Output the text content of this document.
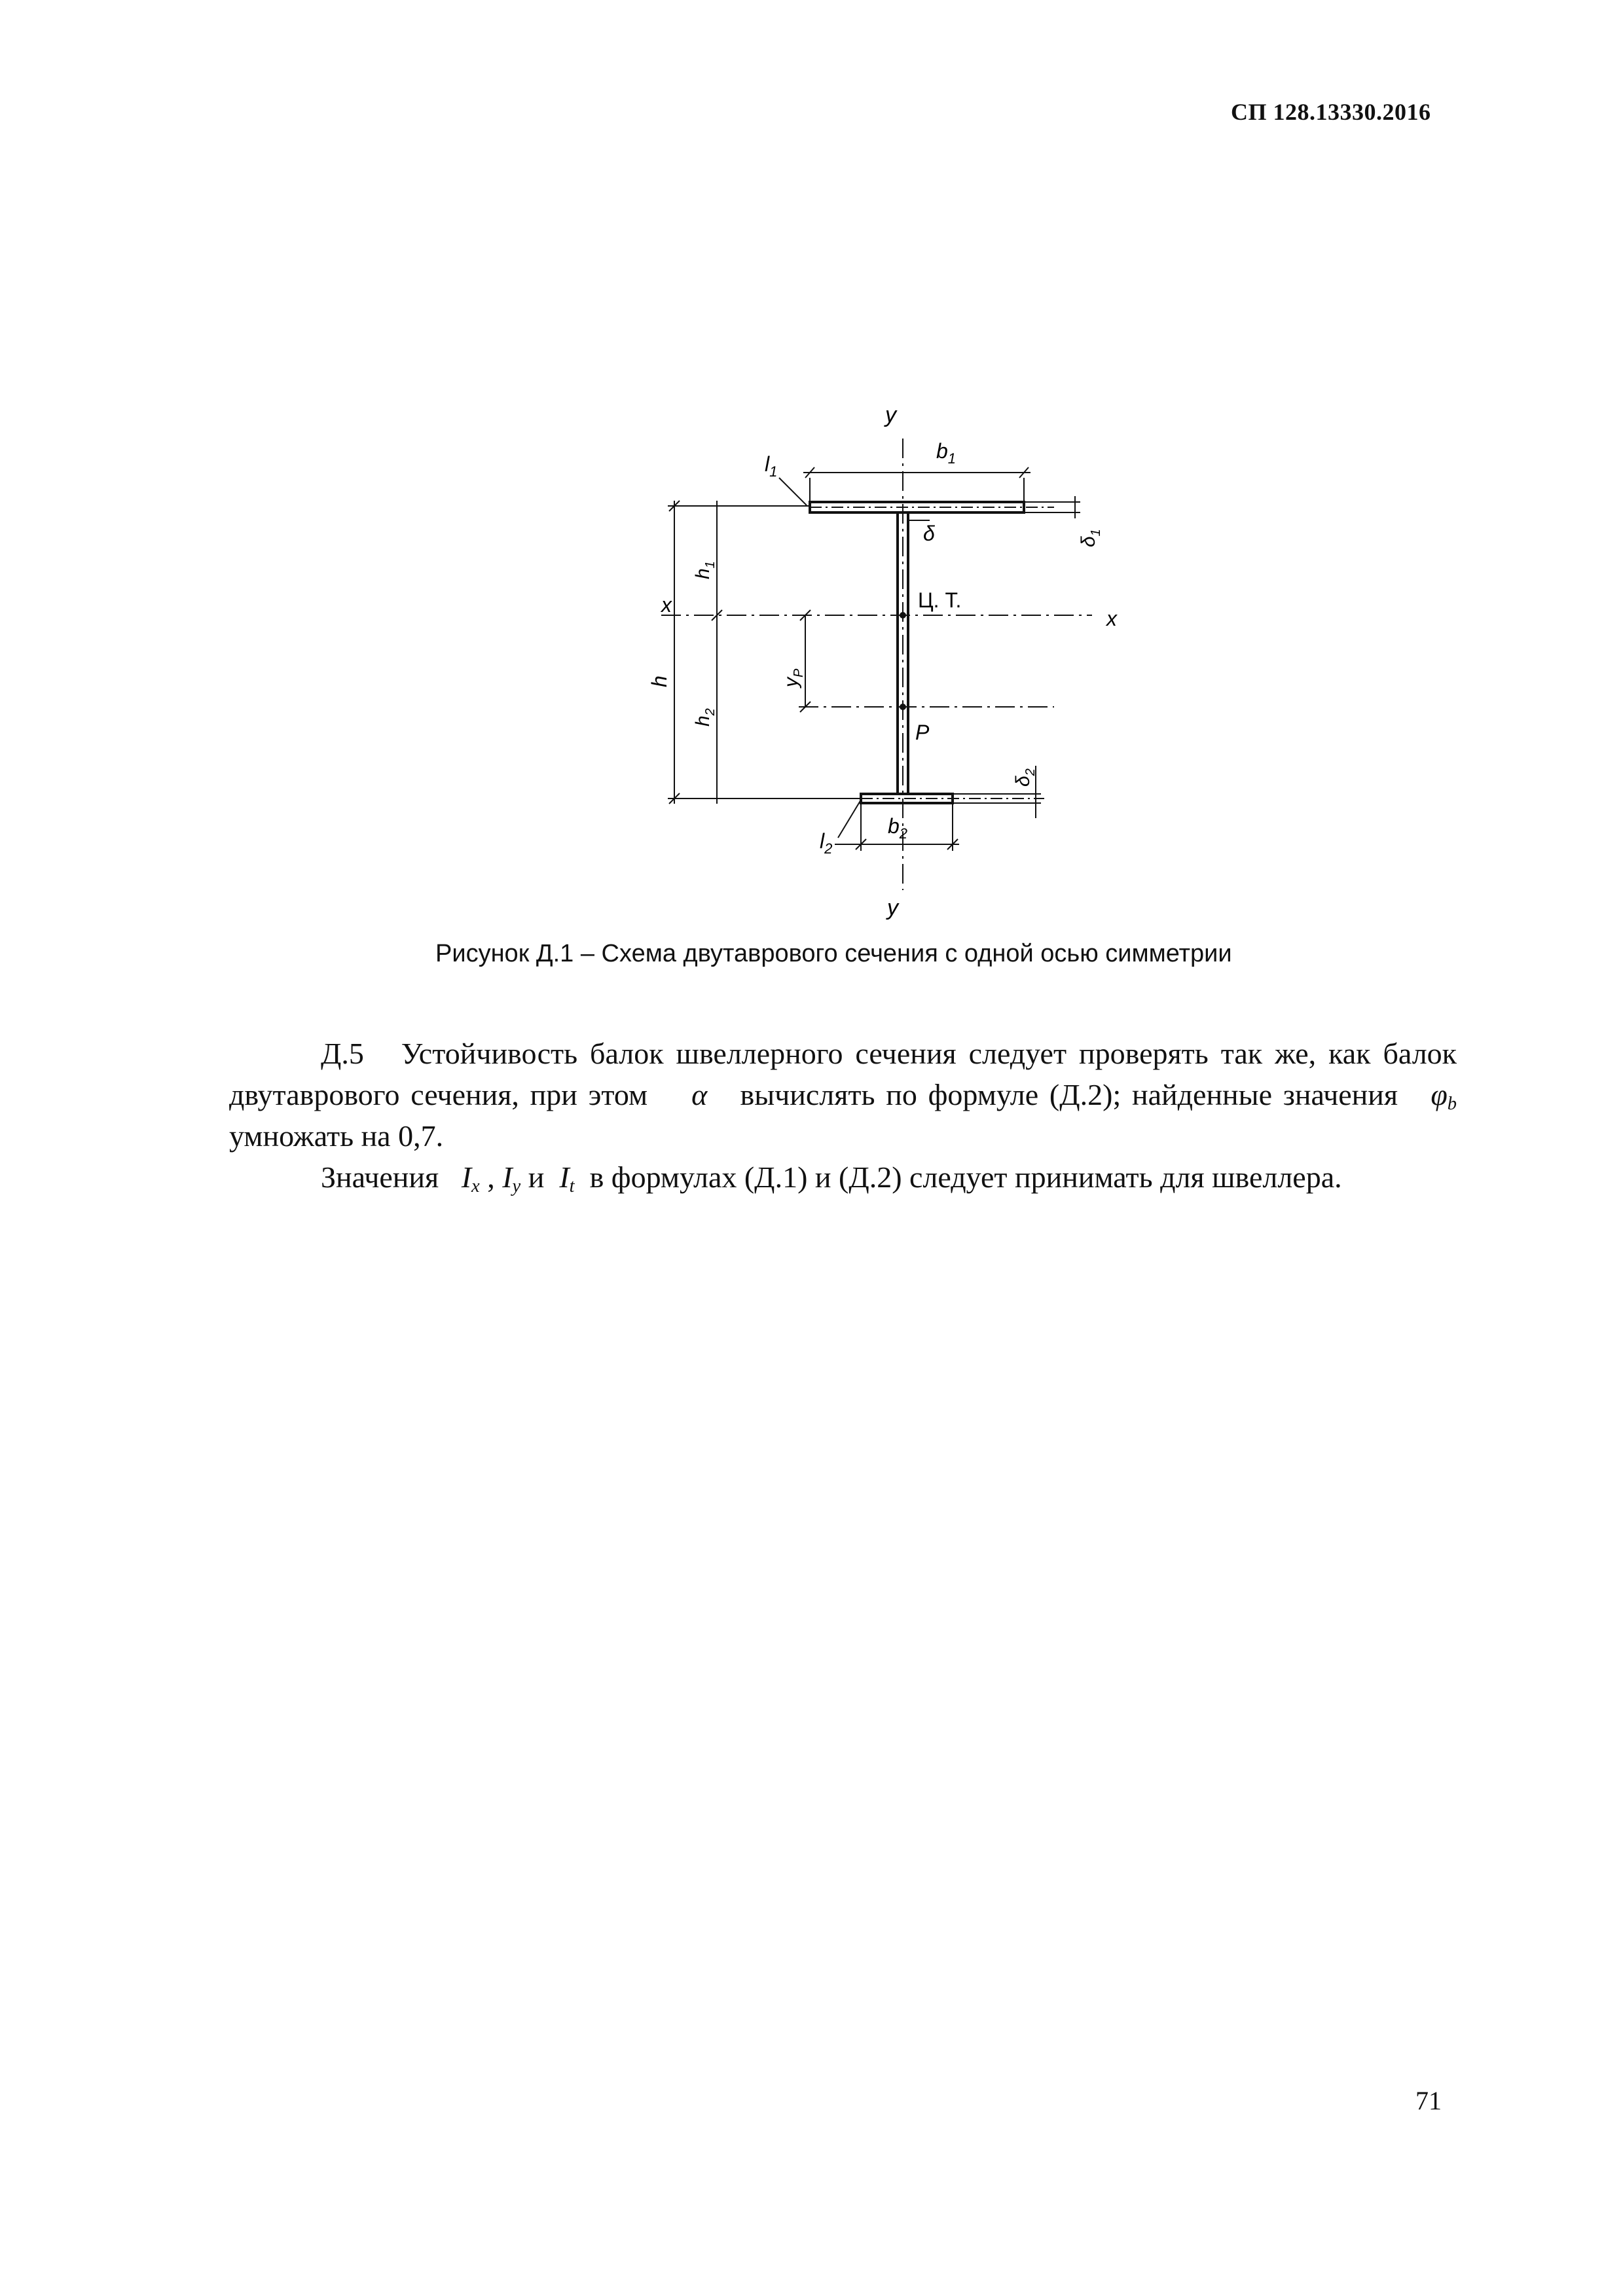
СП 128.13330.2016
y
y
x
x
$b_1$
$l_1$
δ
Ц. Т.
P
$\delta_1$
$\delta_2$
h
$h_1$
$h_2$
$y_P$
$b_2$
$l_2$
Рисунок Д.1 – Схема двутаврового сечения с одной осью симметрии
Д.5 Устойчивость балок швеллерного сечения следует проверять так же, как балок двутаврового сечения, при этом α вычислять по формуле (Д.2); найденные значения $\varphi_b$ умножать на 0,7.
Значения $I_x$ , $I_y$ и $I_t$ в формулах (Д.1) и (Д.2) следует принимать для швеллера.
71
